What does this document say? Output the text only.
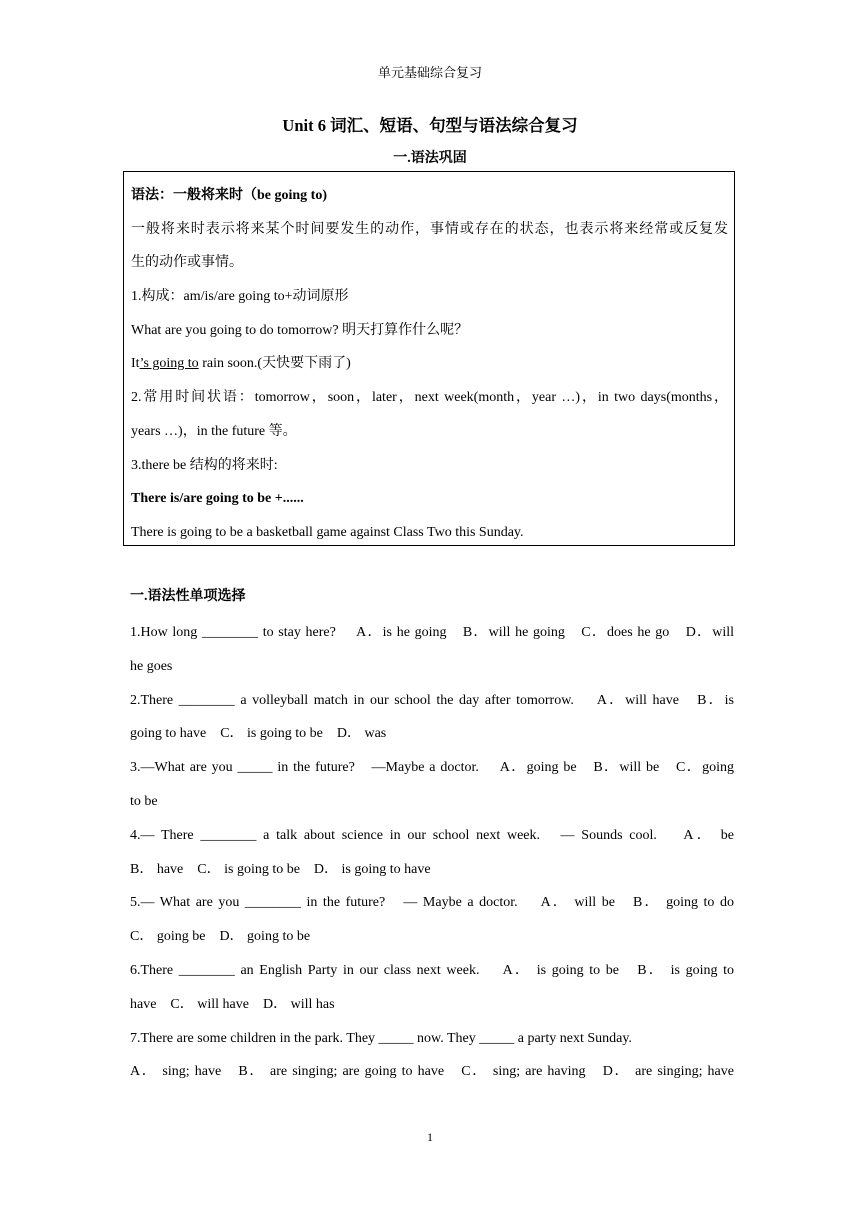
单元基础综合复习
Unit 6 词汇、短语、句型与语法综合复习
一.语法巩固
语法：一般将来时（be going to)
一般将来时表示将来某个时间要发生的动作，事情或存在的状态，也表示将来经常或反复发
生的动作或事情。
1.构成：am/is/are going to+动词原形
What are you going to do tomorrow? 明天打算作什么呢？
It’s going to rain soon.(天快要下雨了)
2.常用时间状语：tomorrow，soon，later，next week(month，year …)，in two days(months，
years …)，in the future 等。
3.there be 结构的将来时:
There is/are going to be +......
There is going to be a basketball game against Class Two this Sunday.
一.语法性单项选择
1.How long ________ to stay here?　 A．is he going　B．will he going　C．does he go　D．will
he goes
2.There ________ a volleyball match in our school the day after tomorrow.　 A．will have　B．is
going to have　C． is going to be　D． was
3.—What are you _____ in the future?　—Maybe a doctor.　 A．going be　B．will be　C．going
to be
4.— There ________ a talk about science in our school next week.　— Sounds cool.　 A． be
B． have　C． is going to be　D． is going to have
5.— What are you ________ in the future?　— Maybe a doctor.　 A． will be　B． going to do
C． going be　D． going to be
6.There ________ an English Party in our class next week.　 A． is going to be　B． is going to
have　C． will have　D． will has
7.There are some children in the park. They _____ now. They _____ a party next Sunday.
A． sing; have　B． are singing; are going to have　C． sing; are having　D． are singing; have
1
